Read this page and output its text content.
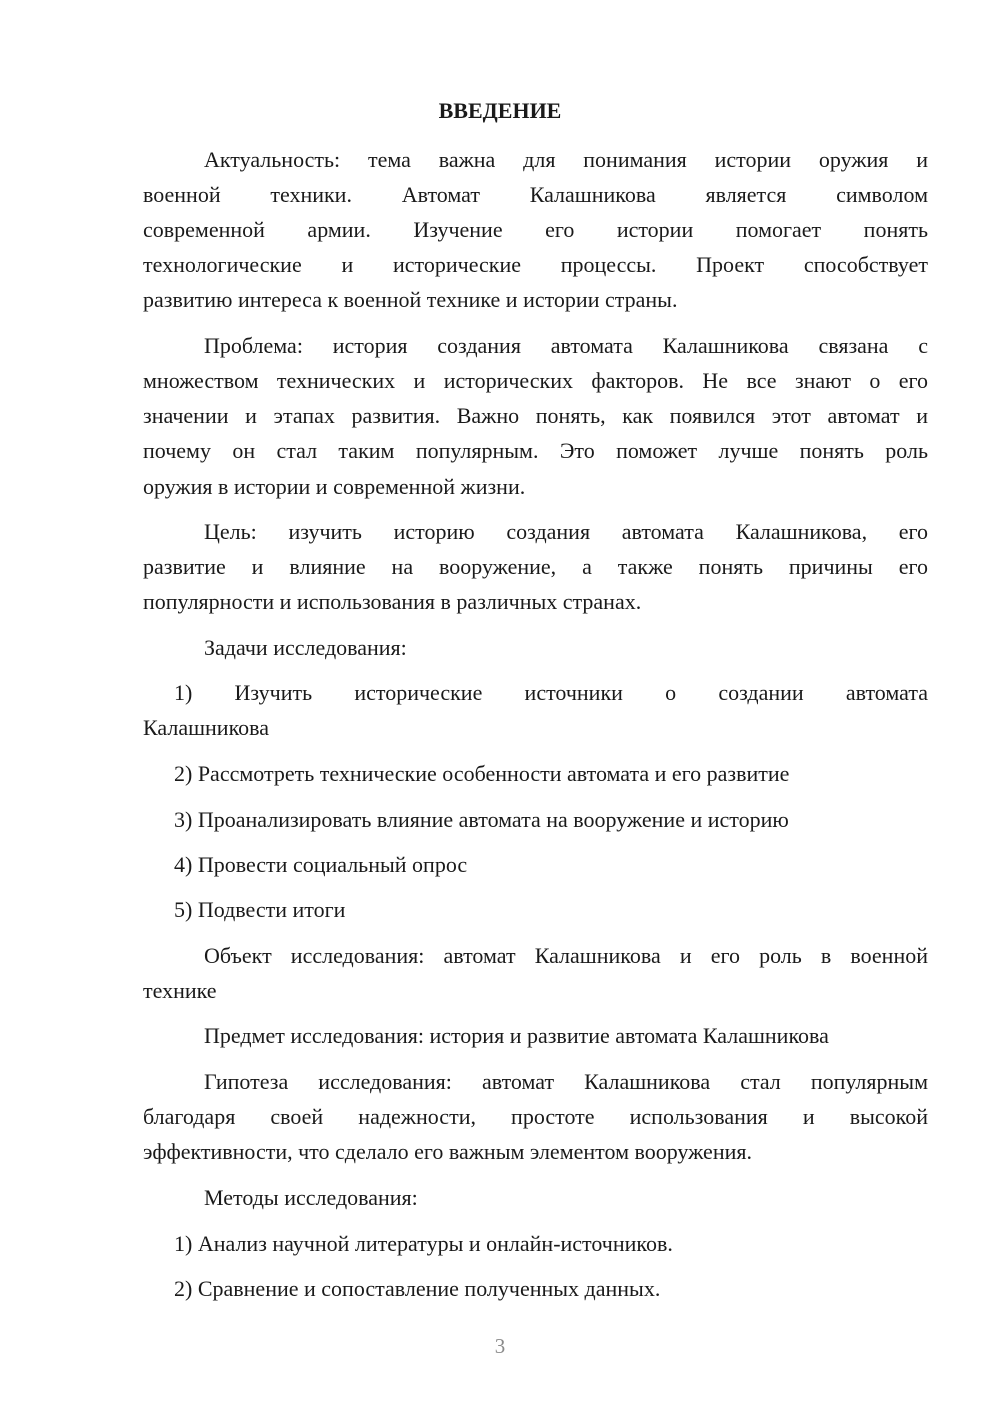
ВВЕДЕНИЕ
Актуальность: тема важна для понимания истории оружия и
военной техники. Автомат Калашникова является символом
современной армии. Изучение его истории помогает понять
технологические и исторические процессы. Проект способствует
развитию интереса к военной технике и истории страны.
Проблема: история создания автомата Калашникова связана с
множеством технических и исторических факторов. Не все знают о его
значении и этапах развития. Важно понять, как появился этот автомат и
почему он стал таким популярным. Это поможет лучше понять роль
оружия в истории и современной жизни.
Цель: изучить историю создания автомата Калашникова, его
развитие и влияние на вооружение, а также понять причины его
популярности и использования в различных странах.
Задачи исследования:
1) Изучить исторические источники о создании автомата
Калашникова
2) Рассмотреть технические особенности автомата и его развитие
3) Проанализировать влияние автомата на вооружение и историю
4) Провести социальный опрос
5) Подвести итоги
Объект исследования: автомат Калашникова и его роль в военной
технике
Предмет исследования: история и развитие автомата Калашникова
Гипотеза исследования: автомат Калашникова стал популярным
благодаря своей надежности, простоте использования и высокой
эффективности, что сделало его важным элементом вооружения.
Методы исследования:
1) Анализ научной литературы и онлайн-источников.
2) Сравнение и сопоставление полученных данных.
3
